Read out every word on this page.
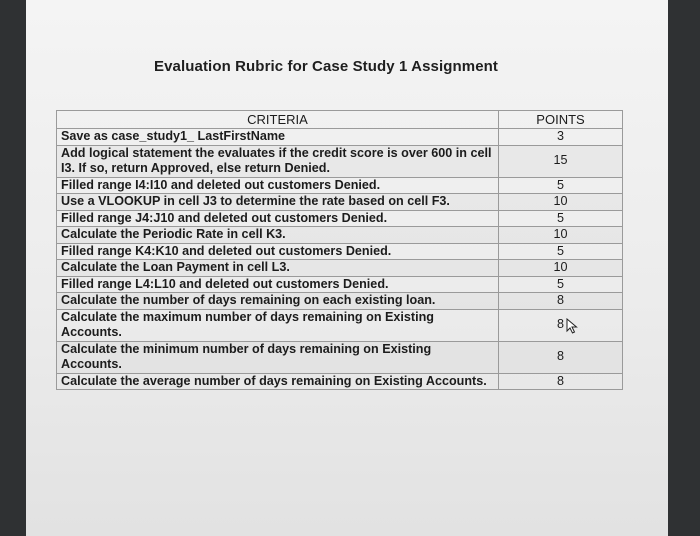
Evaluation Rubric for Case Study 1 Assignment
CRITERIA	POINTS
Save as case_study1_ LastFirstName	3
Add logical statement the evaluates if the credit score is over 600 in cell I3. If so, return Approved, else return Denied.	15
Filled range I4:I10 and deleted out customers Denied.	5
Use a VLOOKUP in cell J3 to determine the rate based on cell F3.	10
Filled range J4:J10 and deleted out customers Denied.	5
Calculate the Periodic Rate in cell K3.	10
Filled range K4:K10 and deleted out customers Denied.	5
Calculate the Loan Payment in cell L3.	10
Filled range L4:L10 and deleted out customers Denied.	5
Calculate the number of days remaining on each existing loan.	8
Calculate the maximum number of days remaining on Existing Accounts.	8
Calculate the minimum number of days remaining on Existing Accounts.	8
Calculate the average number of days remaining on Existing Accounts.	8
